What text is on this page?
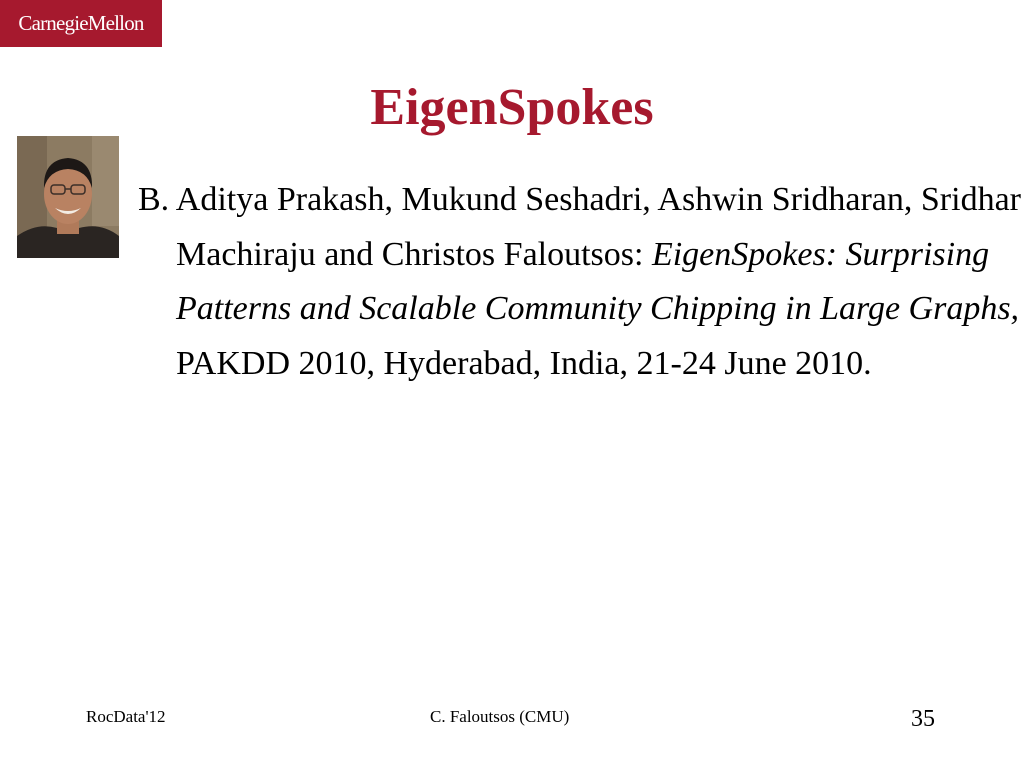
CarnegieMellon
EigenSpokes

B. Aditya Prakash, Mukund Seshadri, Ashwin Sridharan, Sridhar Machiraju and Christos Faloutsos: EigenSpokes: Surprising Patterns and Scalable Community Chipping in Large Graphs, PAKDD 2010, Hyderabad, India, 21-24 June 2010.

RocData'12	C. Faloutsos (CMU)	35
